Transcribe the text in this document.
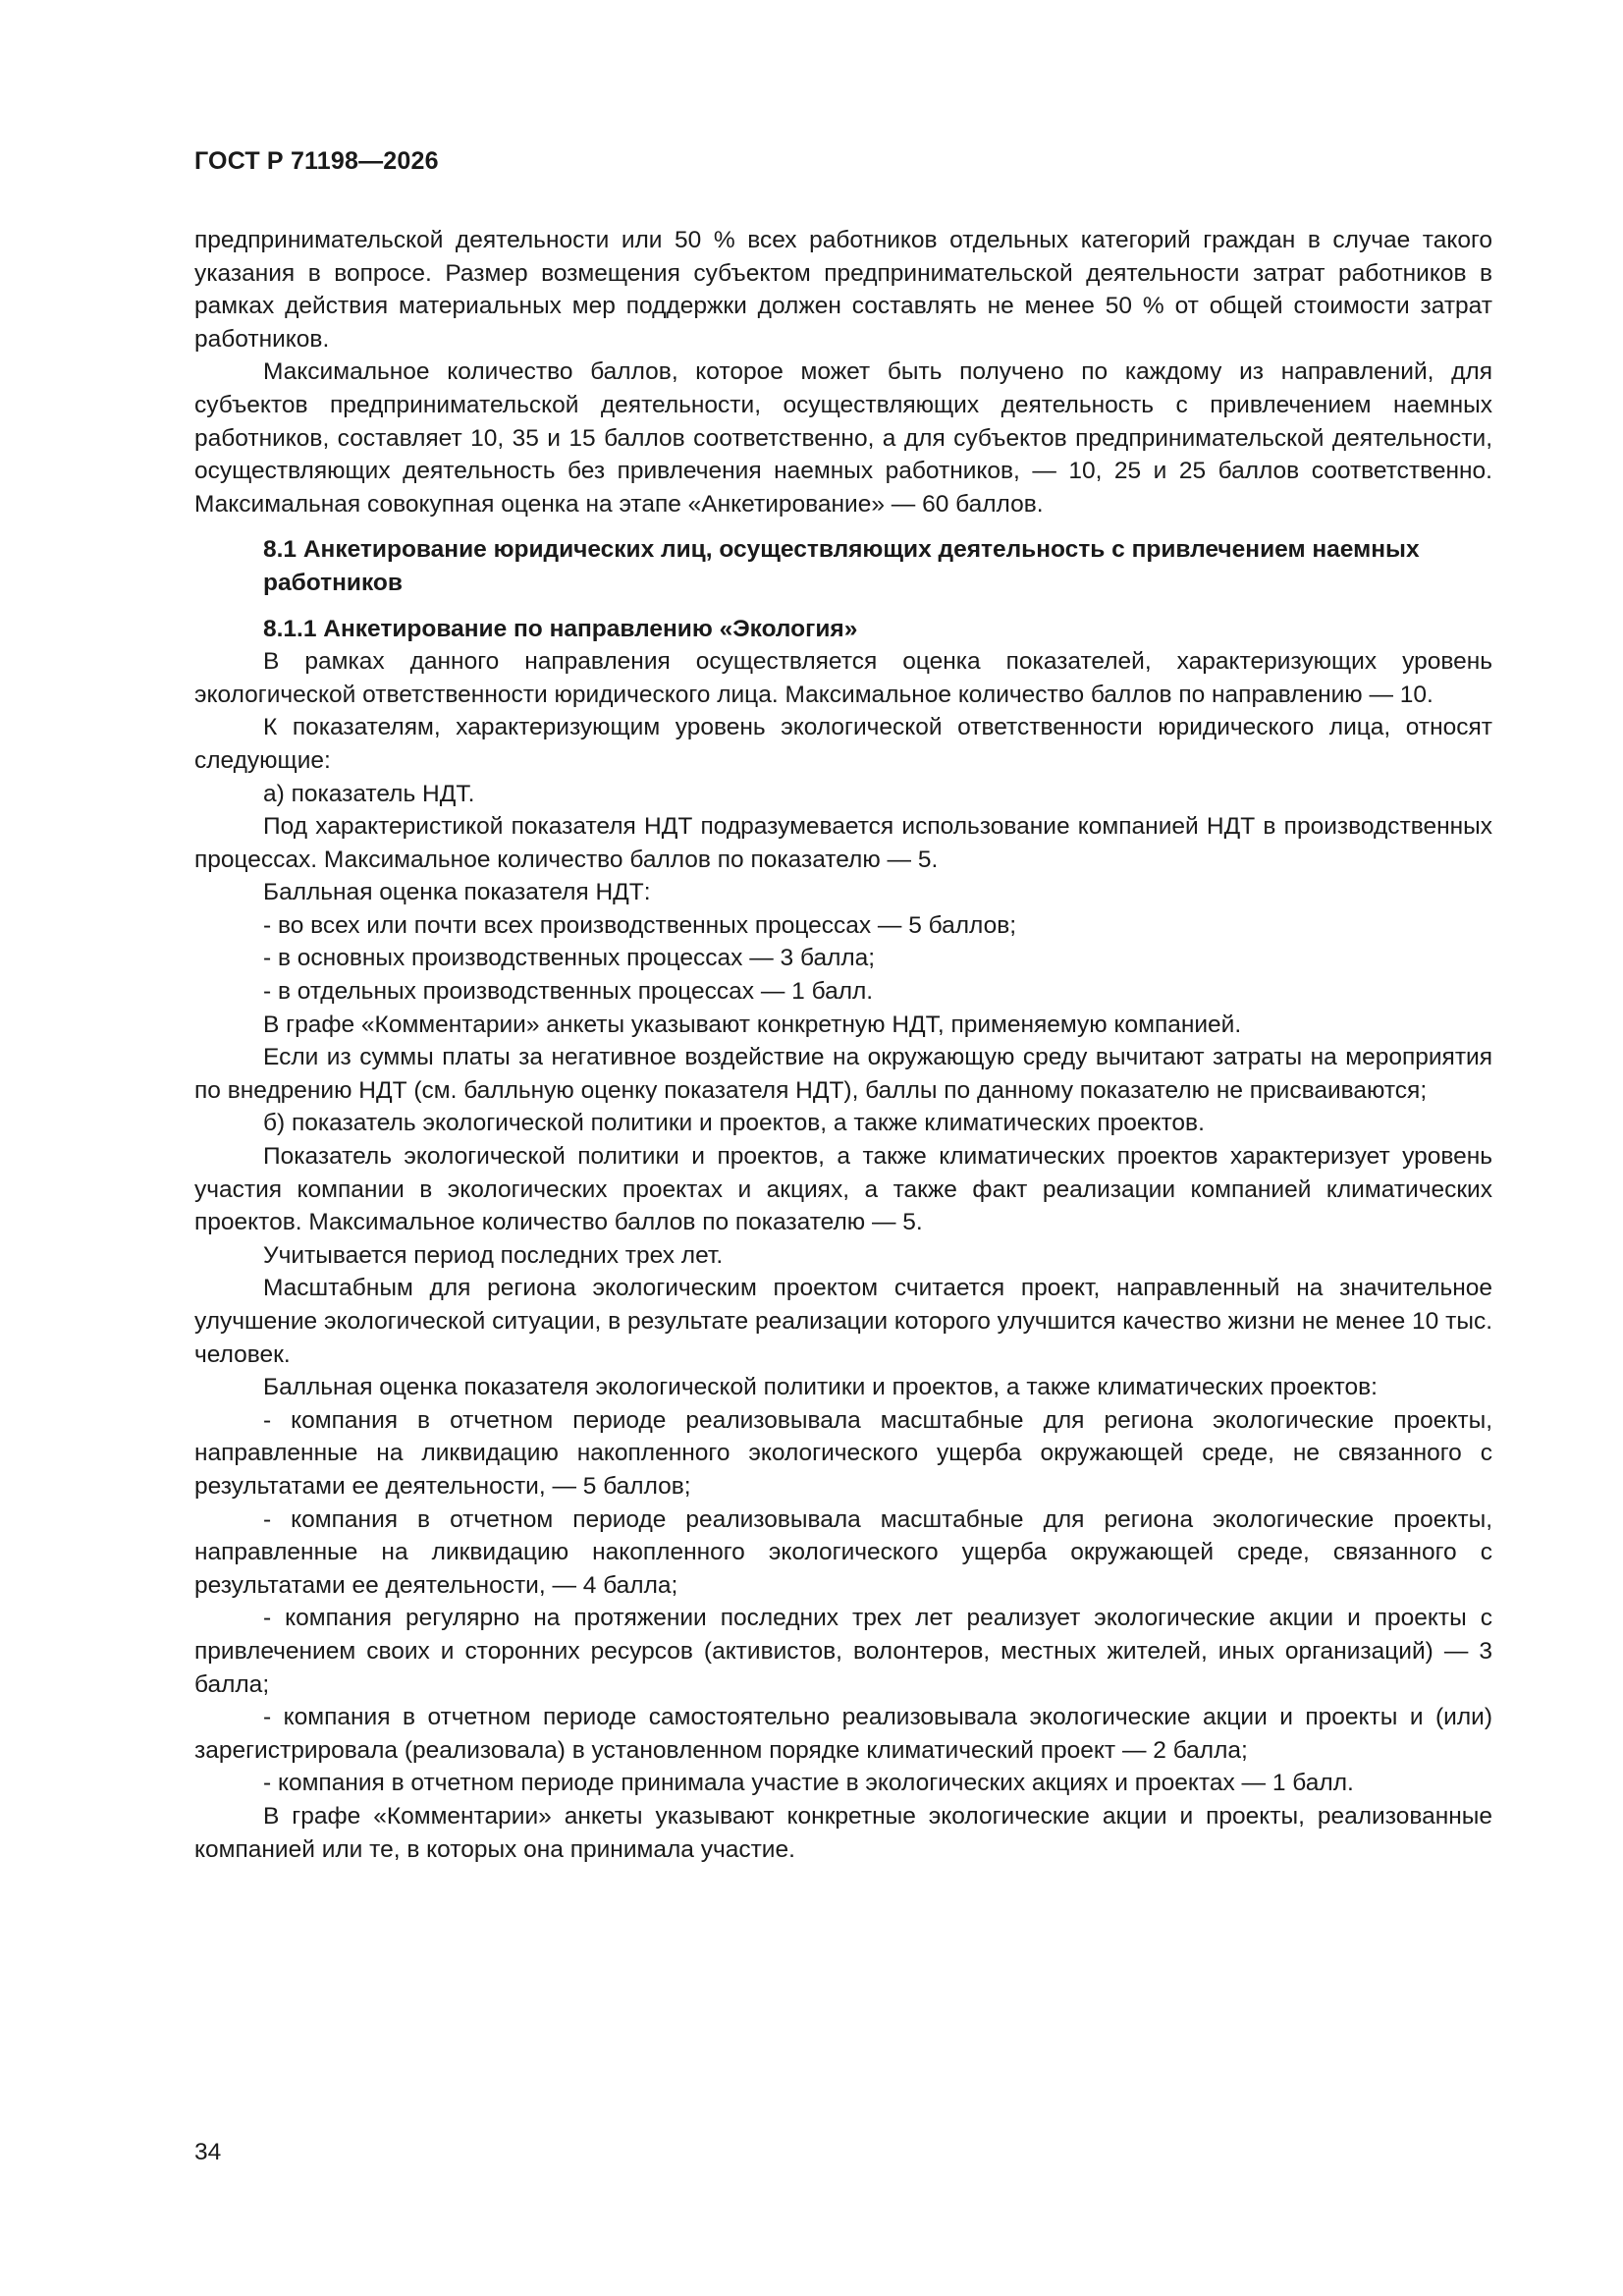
ГОСТ Р 71198—2026

предпринимательской деятельности или 50 % всех работников отдельных категорий граждан в случае такого указания в вопросе. Размер возмещения субъектом предпринимательской деятельности затрат работников в рамках действия материальных мер поддержки должен составлять не менее 50 % от общей стоимости затрат работников.

Максимальное количество баллов, которое может быть получено по каждому из направлений, для субъектов предпринимательской деятельности, осуществляющих деятельность с привлечением наемных работников, составляет 10, 35 и 15 баллов соответственно, а для субъектов предпринимательской деятельности, осуществляющих деятельность без привлечения наемных работников, — 10, 25 и 25 баллов соответственно. Максимальная совокупная оценка на этапе «Анкетирование» — 60 баллов.

8.1 Анкетирование юридических лиц, осуществляющих деятельность с привлечением наемных работников
8.1.1 Анкетирование по направлению «Экология»

В рамках данного направления осуществляется оценка показателей, характеризующих уровень экологической ответственности юридического лица. Максимальное количество баллов по направлению — 10.

К показателям, характеризующим уровень экологической ответственности юридического лица, относят следующие:

а) показатель НДТ.

Под характеристикой показателя НДТ подразумевается использование компанией НДТ в производственных процессах. Максимальное количество баллов по показателю — 5.

Балльная оценка показателя НДТ:

- во всех или почти всех производственных процессах — 5 баллов;

- в основных производственных процессах — 3 балла;

- в отдельных производственных процессах — 1 балл.

В графе «Комментарии» анкеты указывают конкретную НДТ, применяемую компанией.

Если из суммы платы за негативное воздействие на окружающую среду вычитают затраты на мероприятия по внедрению НДТ (см. балльную оценку показателя НДТ), баллы по данному показателю не присваиваются;

б) показатель экологической политики и проектов, а также климатических проектов.

Показатель экологической политики и проектов, а также климатических проектов характеризует уровень участия компании в экологических проектах и акциях, а также факт реализации компанией климатических проектов. Максимальное количество баллов по показателю — 5.

Учитывается период последних трех лет.

Масштабным для региона экологическим проектом считается проект, направленный на значительное улучшение экологической ситуации, в результате реализации которого улучшится качество жизни не менее 10 тыс. человек.

Балльная оценка показателя экологической политики и проектов, а также климатических проектов:

- компания в отчетном периоде реализовывала масштабные для региона экологические проекты, направленные на ликвидацию накопленного экологического ущерба окружающей среде, не связанного с результатами ее деятельности, — 5 баллов;

- компания в отчетном периоде реализовывала масштабные для региона экологические проекты, направленные на ликвидацию накопленного экологического ущерба окружающей среде, связанного с результатами ее деятельности, — 4 балла;

- компания регулярно на протяжении последних трех лет реализует экологические акции и проекты с привлечением своих и сторонних ресурсов (активистов, волонтеров, местных жителей, иных организаций) — 3 балла;

- компания в отчетном периоде самостоятельно реализовывала экологические акции и проекты и (или) зарегистрировала (реализовала) в установленном порядке климатический проект — 2 балла;

- компания в отчетном периоде принимала участие в экологических акциях и проектах — 1 балл.

В графе «Комментарии» анкеты указывают конкретные экологические акции и проекты, реализованные компанией или те, в которых она принимала участие.

34
